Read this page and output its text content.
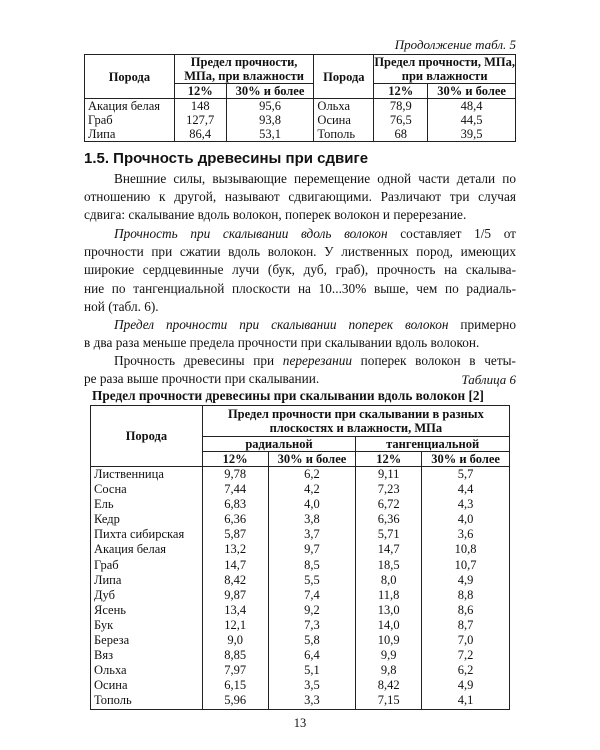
Продолжение табл. 5
Порода	Предел прочности, МПа, при влажности		Порода	Предел прочности, МПа, при влажности	
	12%	30% и более		12%	30% и более
Акация белая	148	95,6	Ольха	78,9	48,4
Граб	127,7	93,8	Осина	76,5	44,5
Липа	86,4	53,1	Тополь	68	39,5
1.5. Прочность древесины при сдвиге
Внешние силы, вызывающие перемещение одной части детали по
отношению к другой, называют сдвигающими. Различают три случая
сдвига: скалывание вдоль волокон, поперек волокон и перерезание.
Прочность при скалывании вдоль волокон составляет 1/5 от
прочности при сжатии вдоль волокон. У лиственных пород, имеющих
широкие сердцевинные лучи (бук, дуб, граб), прочность на скалыва-
ние по тангенциальной плоскости на 10...30% выше, чем по радиаль-
ной (табл. 6).
Предел прочности при скалывании поперек волокон примерно
в два раза меньше предела прочности при скалывании вдоль волокон.
Прочность древесины при перерезании поперек волокон в четы-
ре раза выше прочности при скалывании.	Таблица 6
Предел прочности древесины при скалывании вдоль волокон [2]
Порода	Предел прочности при скалывании в разных плоскостях и влажности, МПа			
	радиальной		тангенциальной	
	12%	30% и более	12%	30% и более
Лиственница	9,78	6,2	9,11	5,7
Сосна	7,44	4,2	7,23	4,4
Ель	6,83	4,0	6,72	4,3
Кедр	6,36	3,8	6,36	4,0
Пихта сибирская	5,87	3,7	5,71	3,6
Акация белая	13,2	9,7	14,7	10,8
Граб	14,7	8,5	18,5	10,7
Липа	8,42	5,5	8,0	4,9
Дуб	9,87	7,4	11,8	8,8
Ясень	13,4	9,2	13,0	8,6
Бук	12,1	7,3	14,0	8,7
Береза	9,0	5,8	10,9	7,0
Вяз	8,85	6,4	9,9	7,2
Ольха	7,97	5,1	9,8	6,2
Осина	6,15	3,5	8,42	4,9
Тополь	5,96	3,3	7,15	4,1
13
